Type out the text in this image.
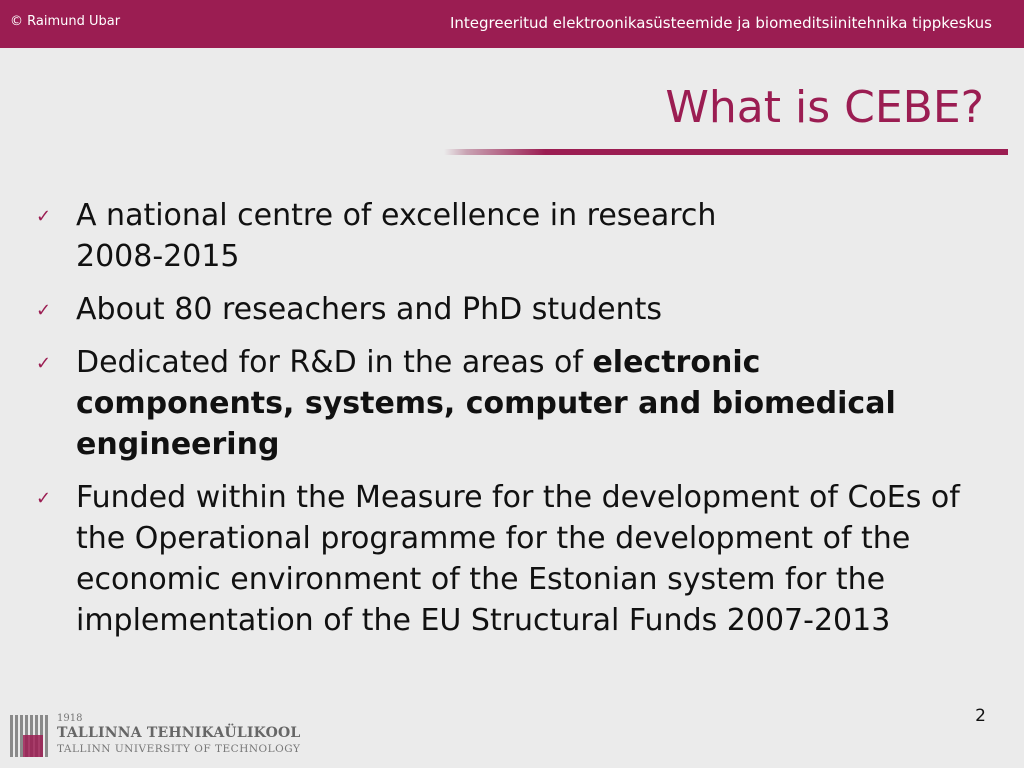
© Raimund Ubar	Integreeritud elektroonikasüsteemide ja biomeditsiinitehnika tippkeskus
What is CEBE?
✓ A national centre of excellence in research
2008-2015
✓ About 80 reseachers and PhD students
✓ Dedicated for R&D in the areas of electronic components, systems, computer and biomedical engineering
✓ Funded within the Measure for the development of CoEs of the Operational programme for the development of the economic environment of the Estonian system for the implementation of the EU Structural Funds 2007-2013
2
1918
TALLINNA TEHNIKAÜLIKOOL
TALLINN UNIVERSITY OF TECHNOLOGY
